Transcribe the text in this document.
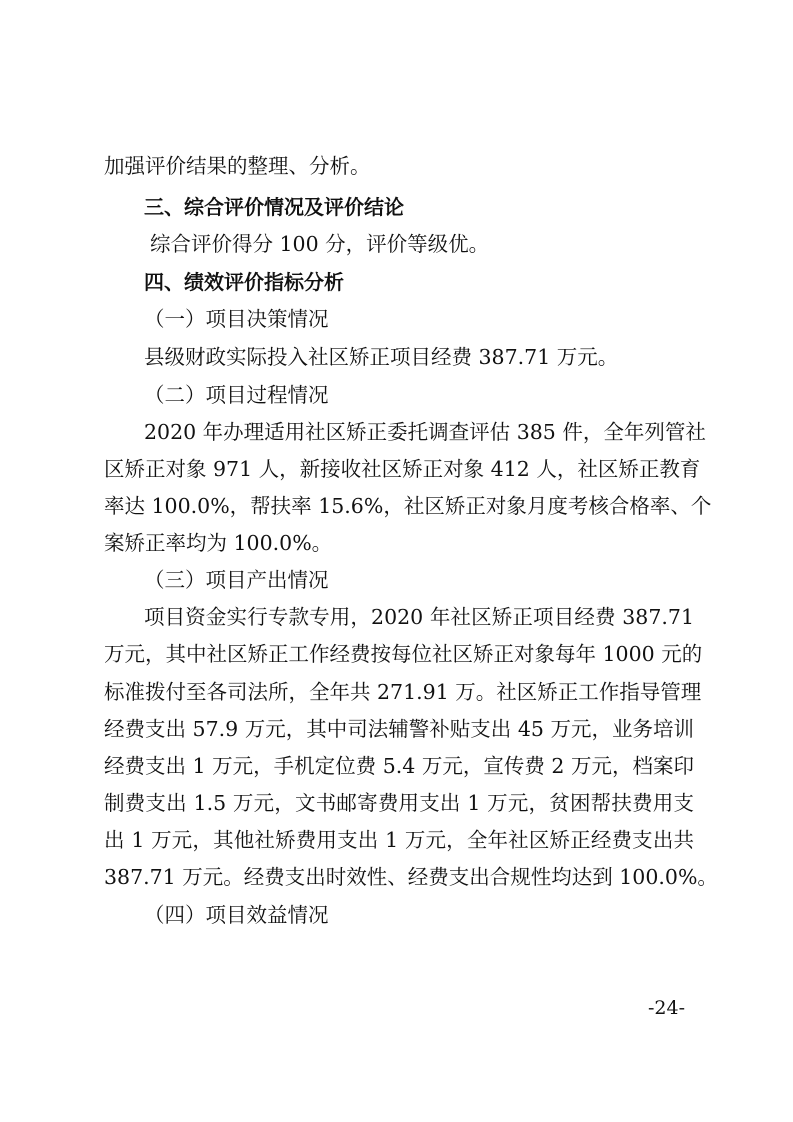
加强评价结果的整理、分析。

三、综合评价情况及评价结论

综合评价得分 100 分，评价等级优。

四、绩效评价指标分析

（一）项目决策情况

县级财政实际投入社区矫正项目经费 387.71 万元。

（二）项目过程情况

2020 年办理适用社区矫正委托调查评估 385 件，全年列管社

区矫正对象 971 人，新接收社区矫正对象 412 人，社区矫正教育

率达 100.0%，帮扶率 15.6%，社区矫正对象月度考核合格率、个

案矫正率均为 100.0%。

（三）项目产出情况

项目资金实行专款专用，2020 年社区矫正项目经费 387.71

万元，其中社区矫正工作经费按每位社区矫正对象每年 1000 元的

标准拨付至各司法所，全年共 271.91 万。社区矫正工作指导管理

经费支出 57.9 万元，其中司法辅警补贴支出 45 万元，业务培训

经费支出 1 万元，手机定位费 5.4 万元，宣传费 2 万元，档案印

制费支出 1.5 万元，文书邮寄费用支出 1 万元，贫困帮扶费用支

出 1 万元，其他社矫费用支出 1 万元，全年社区矫正经费支出共

387.71 万元。经费支出时效性、经费支出合规性均达到 100.0%。

（四）项目效益情况

-24-
